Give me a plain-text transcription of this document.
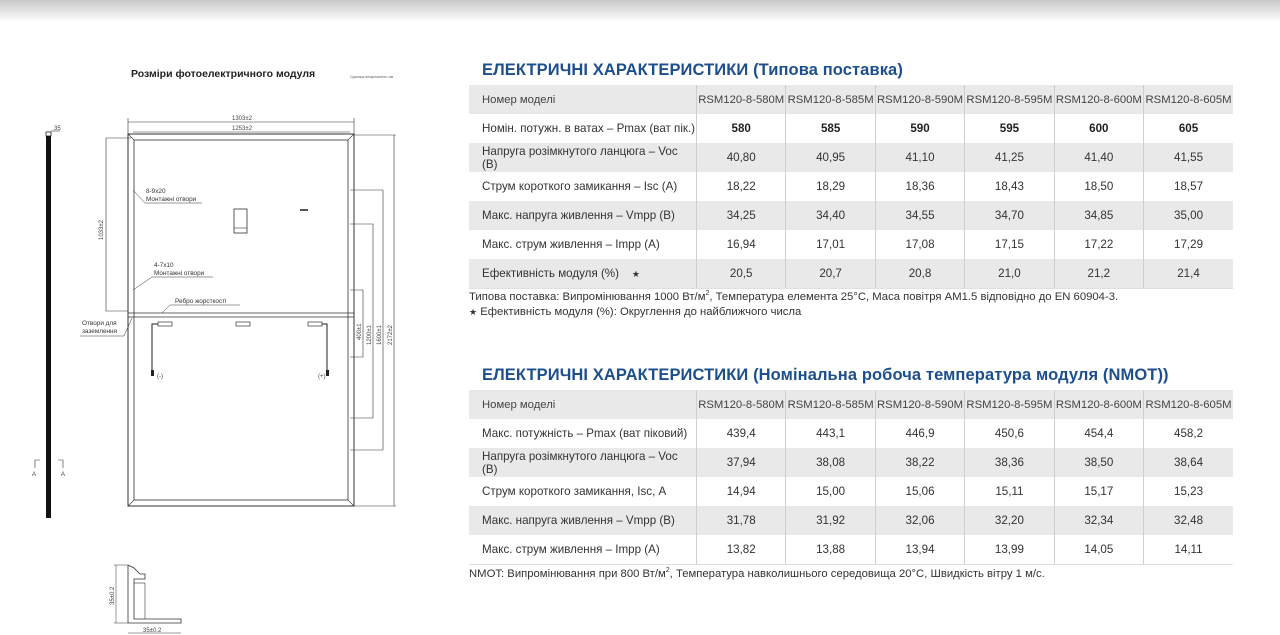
Розміри фотоелектричного модуля	Одиниця вимірювання: мм
35
A	A
1303±2
1253±2
(-)	(+)
1033±2
400±1 1200±1 1600±1 2172±2
8-9x20
Монтажні отвори
4-7x10
Монтажні отвори
Ребро жорсткості
Отвори для
заземлення
35±0.2
35±0.2
ЕЛЕКТРИЧНІ ХАРАКТЕРИСТИКИ (Типова поставка)
Номер моделі	RSM120-8-580M	RSM120-8-585M	RSM120-8-590M	RSM120-8-595M	RSM120-8-600M	RSM120-8-605M
Номін. потужн. в ватах – Pmax (ват пік.)	580	585	590	595	600	605
Напруга розімкнутого ланцюга – Voc (В)	40,80	40,95	41,10	41,25	41,40	41,55
Струм короткого замикання – Isc (А)	18,22	18,29	18,36	18,43	18,50	18,57
Макс. напруга живлення – Vmpp (В)	34,25	34,40	34,55	34,70	34,85	35,00
Макс. струм живлення – Impp (А)	16,94	17,01	17,08	17,15	17,22	17,29
Ефективність модуля (%) ★	20,5	20,7	20,8	21,0	21,2	21,4
Типова поставка: Випромінювання 1000 $Вт/м^2$, Температура елемента 25°C, Маса повітря AM1.5 відповідно до EN 60904-3.
★ Ефективність модуля (%): Округлення до найближчого числа
ЕЛЕКТРИЧНІ ХАРАКТЕРИСТИКИ (Номінальна робоча температура модуля (NMOT))
Номер моделі	RSM120-8-580M	RSM120-8-585M	RSM120-8-590M	RSM120-8-595M	RSM120-8-600M	RSM120-8-605M
Макс. потужність – Pmax (ват піковий)	439,4	443,1	446,9	450,6	454,4	458,2
Напруга розімкнутого ланцюга – Voc (В)	37,94	38,08	38,22	38,36	38,50	38,64
Струм короткого замикання, Isc, А	14,94	15,00	15,06	15,11	15,17	15,23
Макс. напруга живлення – Vmpp (В)	31,78	31,92	32,06	32,20	32,34	32,48
Макс. струм живлення – Impp (А)	13,82	13,88	13,94	13,99	14,05	14,11
NMOT: Випромінювання при 800 $Вт/м^2$, Температура навколишнього середовища 20°C, Швидкість вітру 1 м/с.
